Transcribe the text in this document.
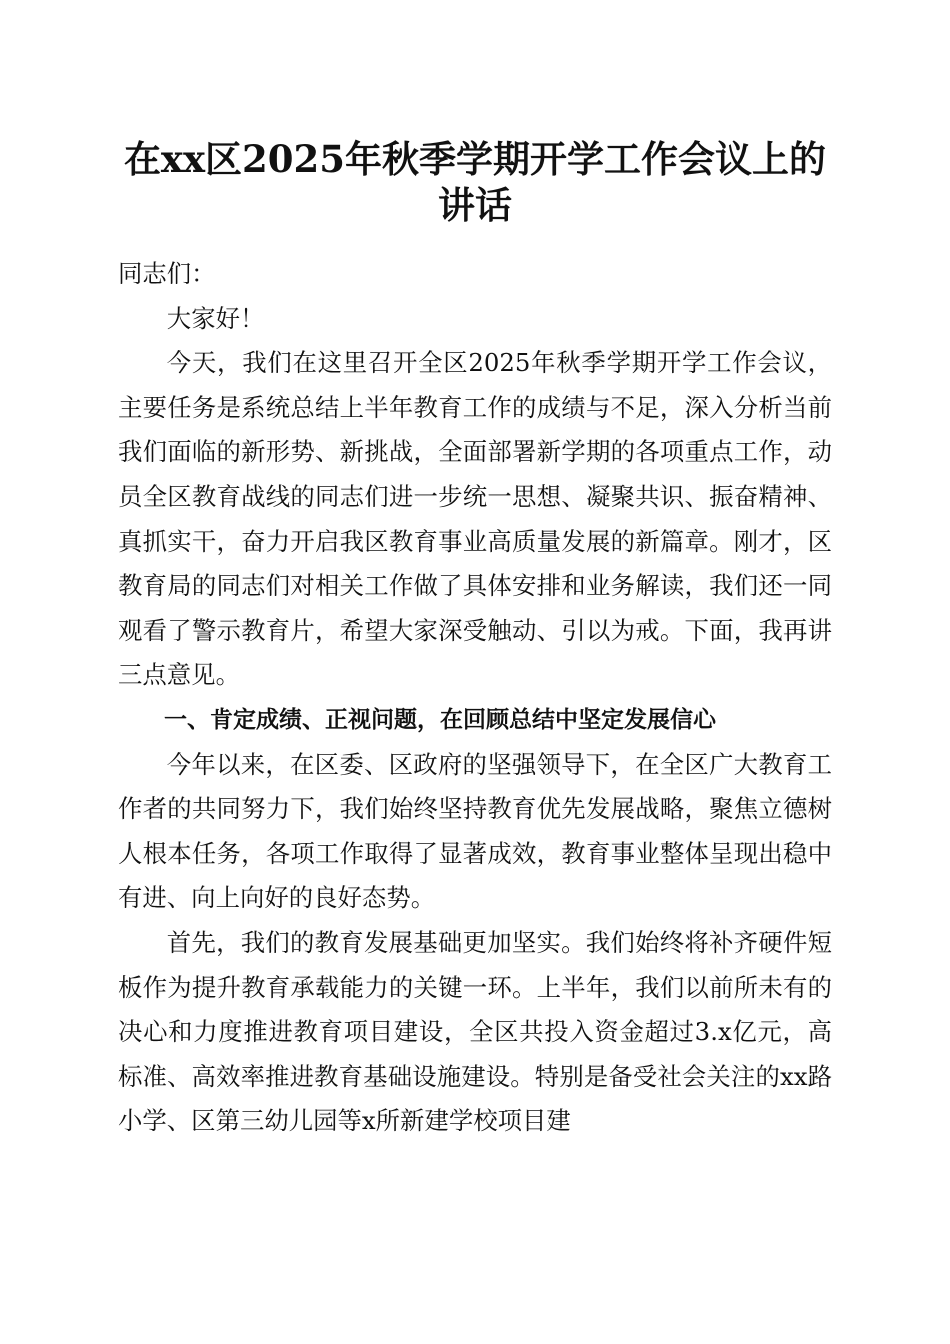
在xx区2025年秋季学期开学工作会议上的讲话

同志们：

大家好！

今天，我们在这里召开全区2025年秋季学期开学工作会议，主要任务是系统总结上半年教育工作的成绩与不足，深入分析当前我们面临的新形势、新挑战，全面部署新学期的各项重点工作，动员全区教育战线的同志们进一步统一思想、凝聚共识、振奋精神、真抓实干，奋力开启我区教育事业高质量发展的新篇章。刚才，区教育局的同志们对相关工作做了具体安排和业务解读，我们还一同观看了警示教育片，希望大家深受触动、引以为戒。下面，我再讲三点意见。

一、肯定成绩、正视问题，在回顾总结中坚定发展信心

今年以来，在区委、区政府的坚强领导下，在全区广大教育工作者的共同努力下，我们始终坚持教育优先发展战略，聚焦立德树人根本任务，各项工作取得了显著成效，教育事业整体呈现出稳中有进、向上向好的良好态势。

首先，我们的教育发展基础更加坚实。我们始终将补齐硬件短板作为提升教育承载能力的关键一环。上半年，我们以前所未有的决心和力度推进教育项目建设，全区共投入资金超过3.x亿元，高标准、高效率推进教育基础设施建设。特别是备受社会关注的xx路小学、区第三幼儿园等x所新建学校项目建
